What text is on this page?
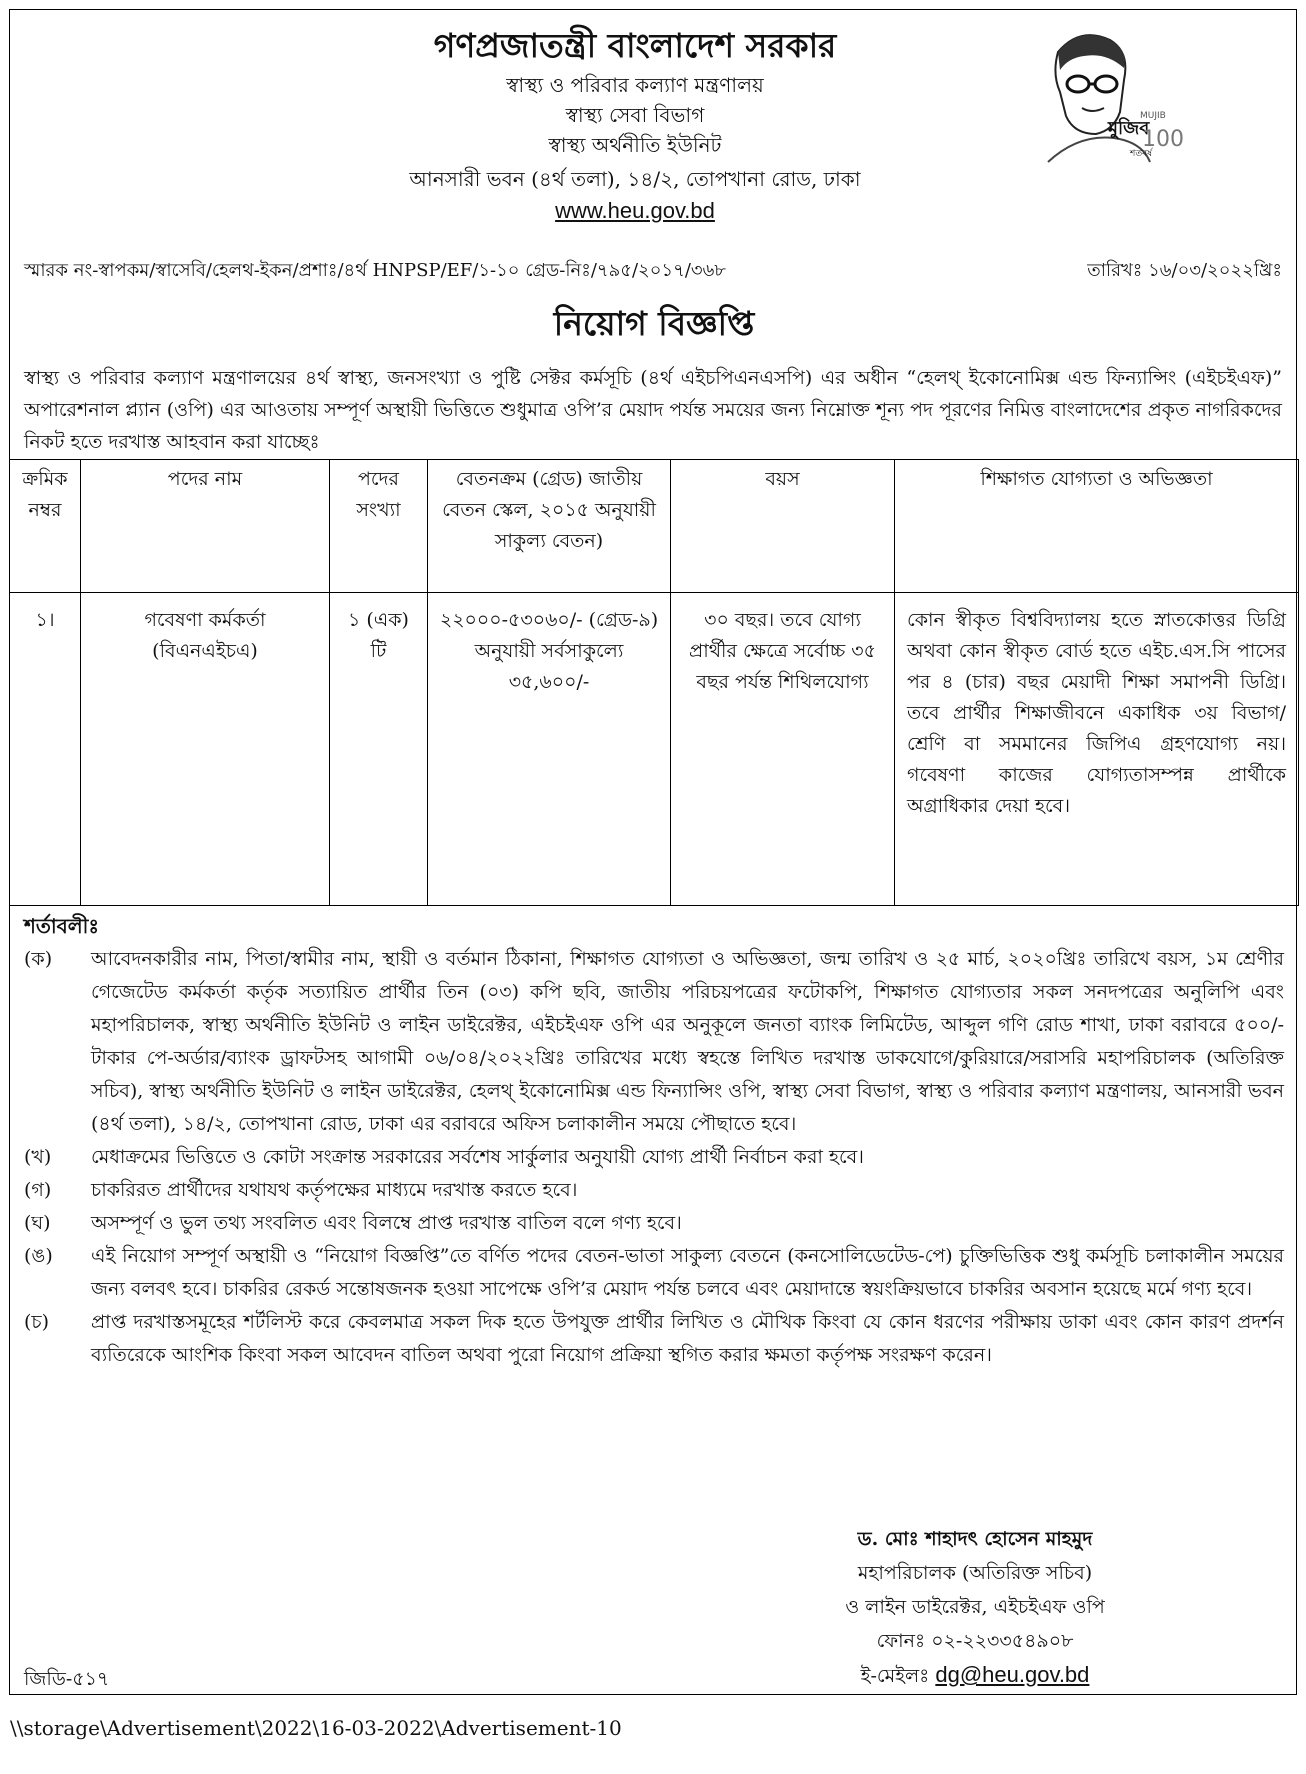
গণপ্রজাতন্ত্রী বাংলাদেশ সরকার
স্বাস্থ্য ও পরিবার কল্যাণ মন্ত্রণালয়
স্বাস্থ্য সেবা বিভাগ
স্বাস্থ্য অর্থনীতি ইউনিট
আনসারী ভবন (৪র্থ তলা), ১৪/২, তোপখানা রোড, ঢাকা
www.heu.gov.bd
মুজিব
MUJIB
100
শতবর্ষ
স্মারক নং-স্বাপকম/স্বাসেবি/হেলথ-ইকন/প্রশাঃ/৪র্থ HNPSP/EF/১-১০ গ্রেড-নিঃ/৭৯৫/২০১৭/৩৬৮	তারিখঃ ১৬/০৩/২০২২খ্রিঃ
নিয়োগ বিজ্ঞপ্তি
স্বাস্থ্য ও পরিবার কল্যাণ মন্ত্রণালয়ের ৪র্থ স্বাস্থ্য, জনসংখ্যা ও পুষ্টি সেক্টর কর্মসূচি (৪র্থ এইচপিএনএসপি) এর অধীন “হেলথ্ ইকোনোমিক্স এন্ড ফিন্যান্সিং (এইচইএফ)” অপারেশনাল প্ল্যান (ওপি) এর আওতায় সম্পূর্ণ অস্থায়ী ভিত্তিতে শুধুমাত্র ওপি’র মেয়াদ পর্যন্ত সময়ের জন্য নিম্নোক্ত শূন্য পদ পূরণের নিমিত্ত বাংলাদেশের প্রকৃত নাগরিকদের নিকট হতে দরখাস্ত আহবান করা যাচ্ছেঃ
ক্রমিক নম্বর	পদের নাম	পদের সংখ্যা	বেতনক্রম (গ্রেড) জাতীয় বেতন স্কেল, ২০১৫ অনুযায়ী সাকুল্য বেতন)	বয়স	শিক্ষাগত যোগ্যতা ও অভিজ্ঞতা
১।	গবেষণা কর্মকর্তা (বিএনএইচএ)	১ (এক) টি	২২০০০-৫৩০৬০/- (গ্রেড-৯) অনুযায়ী সর্বসাকুল্যে ৩৫,৬০০/-	৩০ বছর। তবে যোগ্য প্রার্থীর ক্ষেত্রে সর্বোচ্চ ৩৫ বছর পর্যন্ত শিথিলযোগ্য	কোন স্বীকৃত বিশ্ববিদ্যালয় হতে স্নাতকোত্তর ডিগ্রি অথবা কোন স্বীকৃত বোর্ড হতে এইচ.এস.সি পাসের পর ৪ (চার) বছর মেয়াদী শিক্ষা সমাপনী ডিগ্রি। তবে প্রার্থীর শিক্ষাজীবনে একাধিক ৩য় বিভাগ/শ্রেণি বা সমমানের জিপিএ গ্রহণযোগ্য নয়। গবেষণা কাজের যোগ্যতাসম্পন্ন প্রার্থীকে অগ্রাধিকার দেয়া হবে।
শর্তাবলীঃ
(ক) আবেদনকারীর নাম, পিতা/স্বামীর নাম, স্থায়ী ও বর্তমান ঠিকানা, শিক্ষাগত যোগ্যতা ও অভিজ্ঞতা, জন্ম তারিখ ও ২৫ মার্চ, ২০২০খ্রিঃ তারিখে বয়স, ১ম শ্রেণীর গেজেটেড কর্মকর্তা কর্তৃক সত্যায়িত প্রার্থীর তিন (০৩) কপি ছবি, জাতীয় পরিচয়পত্রের ফটোকপি, শিক্ষাগত যোগ্যতার সকল সনদপত্রের অনুলিপি এবং মহাপরিচালক, স্বাস্থ্য অর্থনীতি ইউনিট ও লাইন ডাইরেক্টর, এইচইএফ ওপি এর অনুকূলে জনতা ব্যাংক লিমিটেড, আব্দুল গণি রোড শাখা, ঢাকা বরাবরে ৫০০/- টাকার পে-অর্ডার/ব্যাংক ড্রাফটসহ আগামী ০৬/০৪/২০২২খ্রিঃ তারিখের মধ্যে স্বহস্তে লিখিত দরখাস্ত ডাকযোগে/কুরিয়ারে/সরাসরি মহাপরিচালক (অতিরিক্ত সচিব), স্বাস্থ্য অর্থনীতি ইউনিট ও লাইন ডাইরেক্টর, হেলথ্ ইকোনোমিক্স এন্ড ফিন্যান্সিং ওপি, স্বাস্থ্য সেবা বিভাগ, স্বাস্থ্য ও পরিবার কল্যাণ মন্ত্রণালয়, আনসারী ভবন (৪র্থ তলা), ১৪/২, তোপখানা রোড, ঢাকা এর বরাবরে অফিস চলাকালীন সময়ে পৌছাতে হবে।
(খ) মেধাক্রমের ভিত্তিতে ও কোটা সংক্রান্ত সরকারের সর্বশেষ সার্কুলার অনুযায়ী যোগ্য প্রার্থী নির্বাচন করা হবে।
(গ) চাকরিরত প্রার্থীদের যথাযথ কর্তৃপক্ষের মাধ্যমে দরখাস্ত করতে হবে।
(ঘ) অসম্পূর্ণ ও ভুল তথ্য সংবলিত এবং বিলম্বে প্রাপ্ত দরখাস্ত বাতিল বলে গণ্য হবে।
(ঙ) এই নিয়োগ সম্পূর্ণ অস্থায়ী ও “নিয়োগ বিজ্ঞপ্তি”তে বর্ণিত পদের বেতন-ভাতা সাকুল্য বেতনে (কনসোলিডেটেড-পে) চুক্তিভিত্তিক শুধু কর্মসূচি চলাকালীন সময়ের জন্য বলবৎ হবে। চাকরির রেকর্ড সন্তোষজনক হওয়া সাপেক্ষে ওপি’র মেয়াদ পর্যন্ত চলবে এবং মেয়াদান্তে স্বয়ংক্রিয়ভাবে চাকরির অবসান হয়েছে মর্মে গণ্য হবে।
(চ) প্রাপ্ত দরখাস্তসমূহের শর্টলিস্ট করে কেবলমাত্র সকল দিক হতে উপযুক্ত প্রার্থীর লিখিত ও মৌখিক কিংবা যে কোন ধরণের পরীক্ষায় ডাকা এবং কোন কারণ প্রদর্শন ব্যতিরেকে আংশিক কিংবা সকল আবেদন বাতিল অথবা পুরো নিয়োগ প্রক্রিয়া স্থগিত করার ক্ষমতা কর্তৃপক্ষ সংরক্ষণ করেন।
ড. মোঃ শাহাদৎ হোসেন মাহমুদ
মহাপরিচালক (অতিরিক্ত সচিব)
ও লাইন ডাইরেক্টর, এইচইএফ ওপি
ফোনঃ ০২-২২৩৩৫৪৯০৮
ই-মেইলঃ dg@heu.gov.bd
জিডি-৫১৭
\\storage\Advertisement\2022\16-03-2022\Advertisement-10
